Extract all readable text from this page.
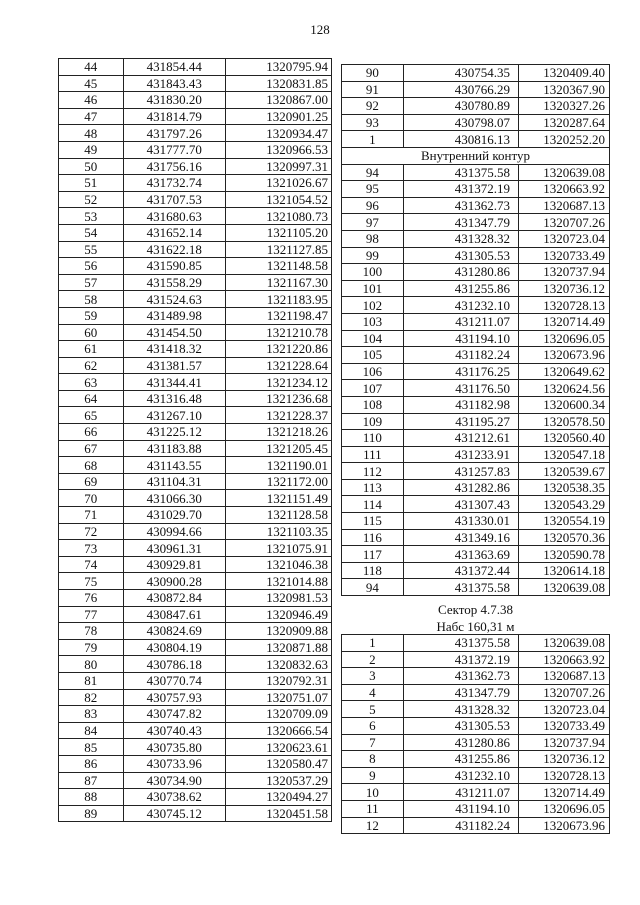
128
44	431854.44	1320795.94
45	431843.43	1320831.85
46	431830.20	1320867.00
47	431814.79	1320901.25
48	431797.26	1320934.47
49	431777.70	1320966.53
50	431756.16	1320997.31
51	431732.74	1321026.67
52	431707.53	1321054.52
53	431680.63	1321080.73
54	431652.14	1321105.20
55	431622.18	1321127.85
56	431590.85	1321148.58
57	431558.29	1321167.30
58	431524.63	1321183.95
59	431489.98	1321198.47
60	431454.50	1321210.78
61	431418.32	1321220.86
62	431381.57	1321228.64
63	431344.41	1321234.12
64	431316.48	1321236.68
65	431267.10	1321228.37
66	431225.12	1321218.26
67	431183.88	1321205.45
68	431143.55	1321190.01
69	431104.31	1321172.00
70	431066.30	1321151.49
71	431029.70	1321128.58
72	430994.66	1321103.35
73	430961.31	1321075.91
74	430929.81	1321046.38
75	430900.28	1321014.88
76	430872.84	1320981.53
77	430847.61	1320946.49
78	430824.69	1320909.88
79	430804.19	1320871.88
80	430786.18	1320832.63
81	430770.74	1320792.31
82	430757.93	1320751.07
83	430747.82	1320709.09
84	430740.43	1320666.54
85	430735.80	1320623.61
86	430733.96	1320580.47
87	430734.90	1320537.29
88	430738.62	1320494.27
89	430745.12	1320451.58
90	430754.35	1320409.40
91	430766.29	1320367.90
92	430780.89	1320327.26
93	430798.07	1320287.64
1	430816.13	1320252.20
Внутренний контур		
94	431375.58	1320639.08
95	431372.19	1320663.92
96	431362.73	1320687.13
97	431347.79	1320707.26
98	431328.32	1320723.04
99	431305.53	1320733.49
100	431280.86	1320737.94
101	431255.86	1320736.12
102	431232.10	1320728.13
103	431211.07	1320714.49
104	431194.10	1320696.05
105	431182.24	1320673.96
106	431176.25	1320649.62
107	431176.50	1320624.56
108	431182.98	1320600.34
109	431195.27	1320578.50
110	431212.61	1320560.40
111	431233.91	1320547.18
112	431257.83	1320539.67
113	431282.86	1320538.35
114	431307.43	1320543.29
115	431330.01	1320554.19
116	431349.16	1320570.36
117	431363.69	1320590.78
118	431372.44	1320614.18
94	431375.58	1320639.08
Сектор 4.7.38
Набс 160,31 м
1	431375.58	1320639.08
2	431372.19	1320663.92
3	431362.73	1320687.13
4	431347.79	1320707.26
5	431328.32	1320723.04
6	431305.53	1320733.49
7	431280.86	1320737.94
8	431255.86	1320736.12
9	431232.10	1320728.13
10	431211.07	1320714.49
11	431194.10	1320696.05
12	431182.24	1320673.96
